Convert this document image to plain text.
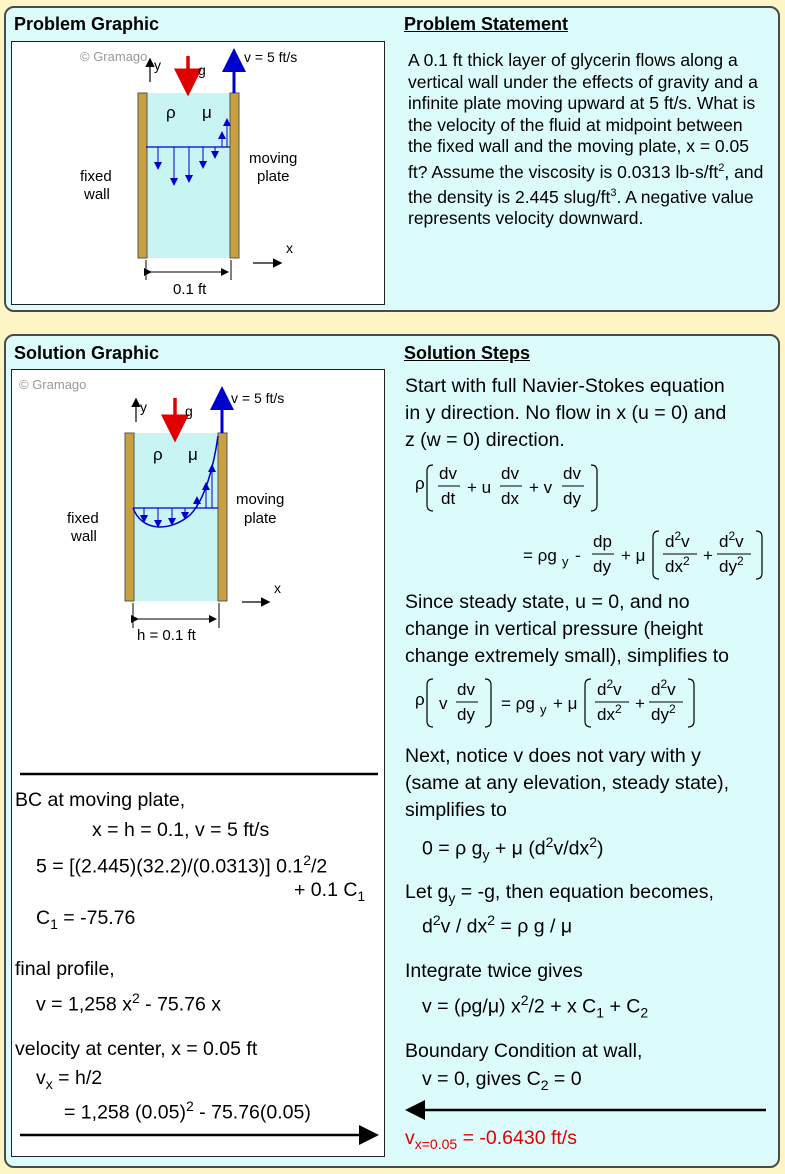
Problem Graphic	Problem Statement
© Gramago
y	g
v = 5 ft/s
ρ μ
fixed
wall
moving
plate
x
0.1 ft

A 0.1 ft thick layer of glycerin flows along a vertical wall under the effects of gravity and a infinite plate moving upward at 5 ft/s. What is the velocity of the fluid at midpoint between the fixed wall and the moving plate, x = 0.05 ft? Assume the viscosity is 0.0313 $lb-s/ft^2$, and the density is 2.445 slug/$ft^3$. A negative value represents velocity downward.

Solution Graphic	Solution Steps
© Gramago
y	g
v = 5 ft/s
ρ μ
fixed
wall
moving
plate
x
h = 0.1 ft
BC at moving plate,
x = h = 0.1, v = 5 ft/s
5 = [(2.445)(32.2)/(0.0313)] $0.1^2/2$
+ 0.1 $C_1$
$C_1 = -75.76$
final profile,
v = 1,258 $x^2 - 75.76$ x
velocity at center, x = 0.05 ft
$v_x = h/2$
= 1,258 $(0.05)^2 - 75.76(0.05)$
Start with full Navier-Stokes equation
in y direction. No flow in x (u = 0) and
z (w = 0) direction.
ρ
dv
dt
+ u
dv
dx
+ v
dv
dy
= ρg y -
dp
dy
+ μ
$d^2v$
$dx^2$ +
$d^2v$
$dy^2$
Since steady state, u = 0, and no
change in vertical pressure (height
change extremely small), simplifies to
ρ v
dv
dy
= ρg y + μ
$d^2v$
$dx^2$ +
$d^2v$
$dy^2$
Next, notice v does not vary with y
(same at any elevation, steady state),
simplifies to
0 = ρ $g_y + \mu$ $(d^2v/dx^2)$
Let $g_y = -g$, then equation becomes,
$d^2v / dx^2 = \rho$ g / μ
Integrate twice gives
v = (ρg/μ) $x^2/2 + x$ $C_1 + C_2$
Boundary Condition at wall,
v = 0, gives $C_2 = 0$
$v_{x=0.05} = -0.6430$ ft/s
